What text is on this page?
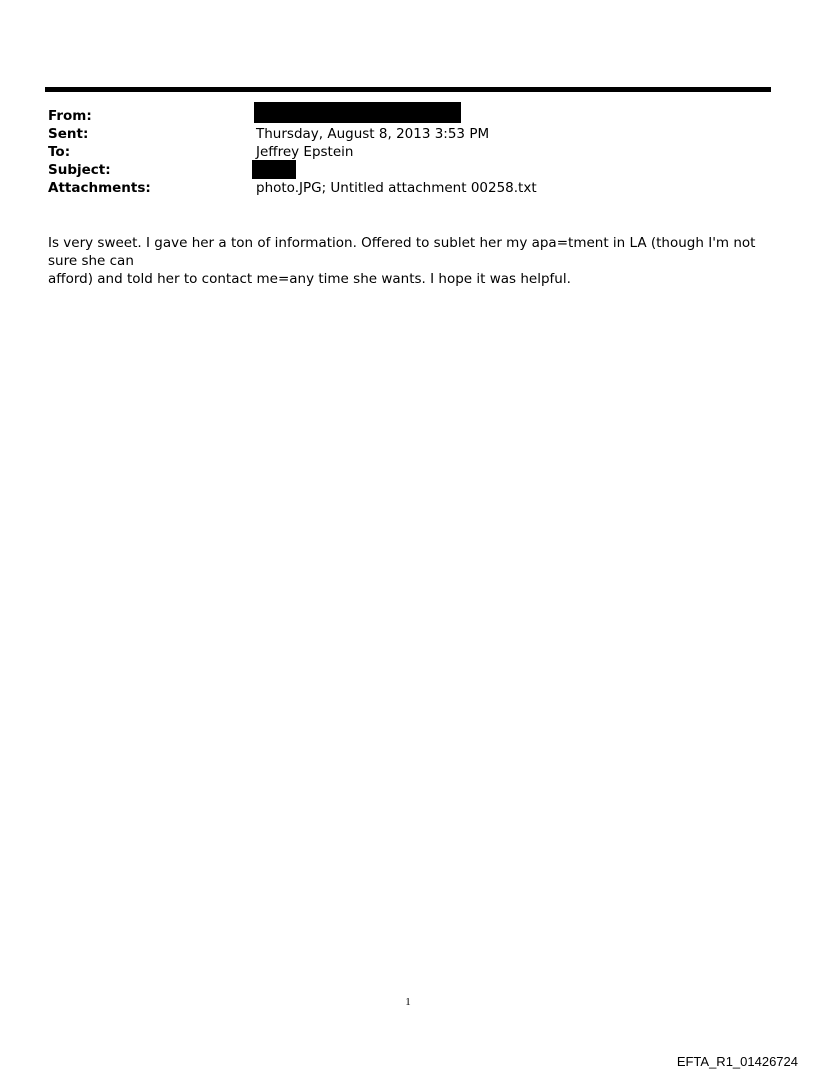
From:
Sent:	Thursday, August 8, 2013 3:53 PM
To:	Jeffrey Epstein
Subject:
Attachments:	photo.JPG; Untitled attachment 00258.txt

Is very sweet. I gave her a ton of information. Offered to sublet her my apa=tment in LA (though I'm not sure she can

afford) and told her to contact me=any time she wants. I hope it was helpful.

1
EFTA_R1_01426724
